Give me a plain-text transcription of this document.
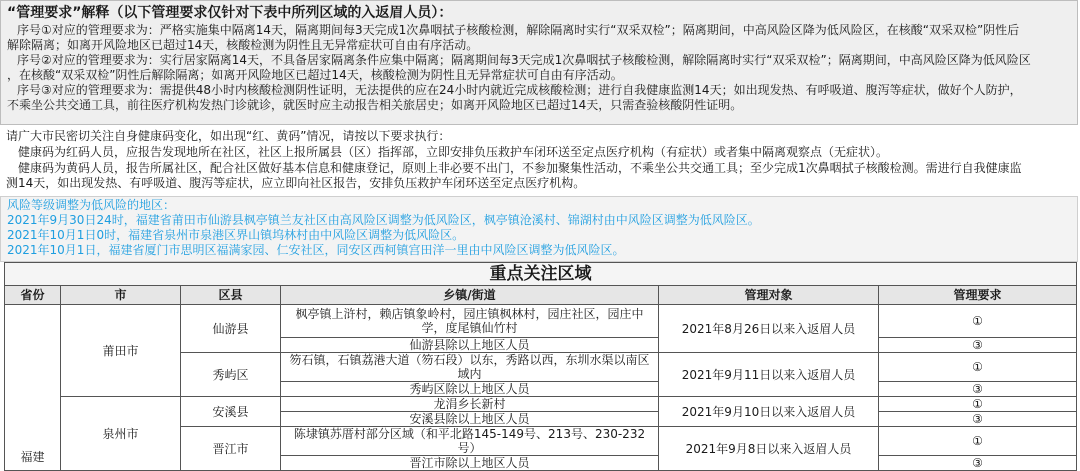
“管理要求”解释（以下管理要求仅针对下表中所列区域的入返眉人员）：
序号①对应的管理要求为：严格实施集中隔离14天，隔离期间每3天完成1次鼻咽拭子核酸检测，解除隔离时实行“双采双检”；隔离期间，中高风险区降为低风险区，在核酸“双采双检”阴性后
解除隔离；如离开风险地区已超过14天，核酸检测为阴性且无异常症状可自由有序活动。
序号②对应的管理要求为：实行居家隔离14天，不具备居家隔离条件应集中隔离；隔离期间每3天完成1次鼻咽拭子核酸检测，解除隔离时实行“双采双检”；隔离期间，中高风险区降为低风险区
，在核酸“双采双检”阴性后解除隔离；如离开风险地区已超过14天，核酸检测为阴性且无异常症状可自由有序活动。
序号③对应的管理要求为：需提供48小时内核酸检测阴性证明，无法提供的应在24小时内就近完成核酸检测；进行自我健康监测14天；如出现发热、有呼吸道、腹泻等症状，做好个人防护，
不乘坐公共交通工具，前往医疗机构发热门诊就诊，就医时应主动报告相关旅居史；如离开风险地区已超过14天，只需查验核酸阴性证明。
请广大市民密切关注自身健康码变化，如出现“红、黄码”情况，请按以下要求执行：
健康码为红码人员，应报告发现地所在社区，社区上报所属县（区）指挥部，立即安排负压救护车闭环送至定点医疗机构（有症状）或者集中隔离观察点（无症状）。
健康码为黄码人员，报告所属社区，配合社区做好基本信息和健康登记，原则上非必要不出门，不参加聚集性活动，不乘坐公共交通工具；至少完成1次鼻咽拭子核酸检测。需进行自我健康监
测14天，如出现发热、有呼吸道、腹泻等症状，应立即向社区报告，安排负压救护车闭环送至定点医疗机构。
风险等级调整为低风险的地区：
2021年9月30日24时，福建省莆田市仙游县枫亭镇兰友社区由高风险区调整为低风险区，枫亭镇沧溪村、锦湖村由中风险区调整为低风险区。
2021年10月1日0时，福建省泉州市泉港区界山镇坞林村由中风险区调整为低风险区。
2021年10月1日，福建省厦门市思明区福满家园、仁安社区，同安区西柯镇宫田洋一里由中风险区调整为低风险区。
重点关注区域					
省份	市	区县	乡镇/街道	管理对象	管理要求
福建	莆田市	仙游县	枫亭镇上浒村，赖店镇象岭村，园庄镇枫林村，园庄社区，园庄中学，度尾镇仙竹村	2021年8月26日以来入返眉人员	①
			仙游县除以上地区人员		③
		秀屿区	笏石镇，石镇荔港大道（笏石段）以东，秀路以西，东圳水渠以南区域内	2021年9月11日以来入返眉人员	①
			秀屿区除以上地区人员		③
	泉州市	安溪县	龙涓乡长新村	2021年9月10日以来入返眉人员	①
			安溪县除以上地区人员		③
		晋江市	陈埭镇苏厝村部分区域（和平北路145-149号、213号、230-232号）	2021年9月8日以来入返眉人员	①
			晋江市除以上地区人员		③
